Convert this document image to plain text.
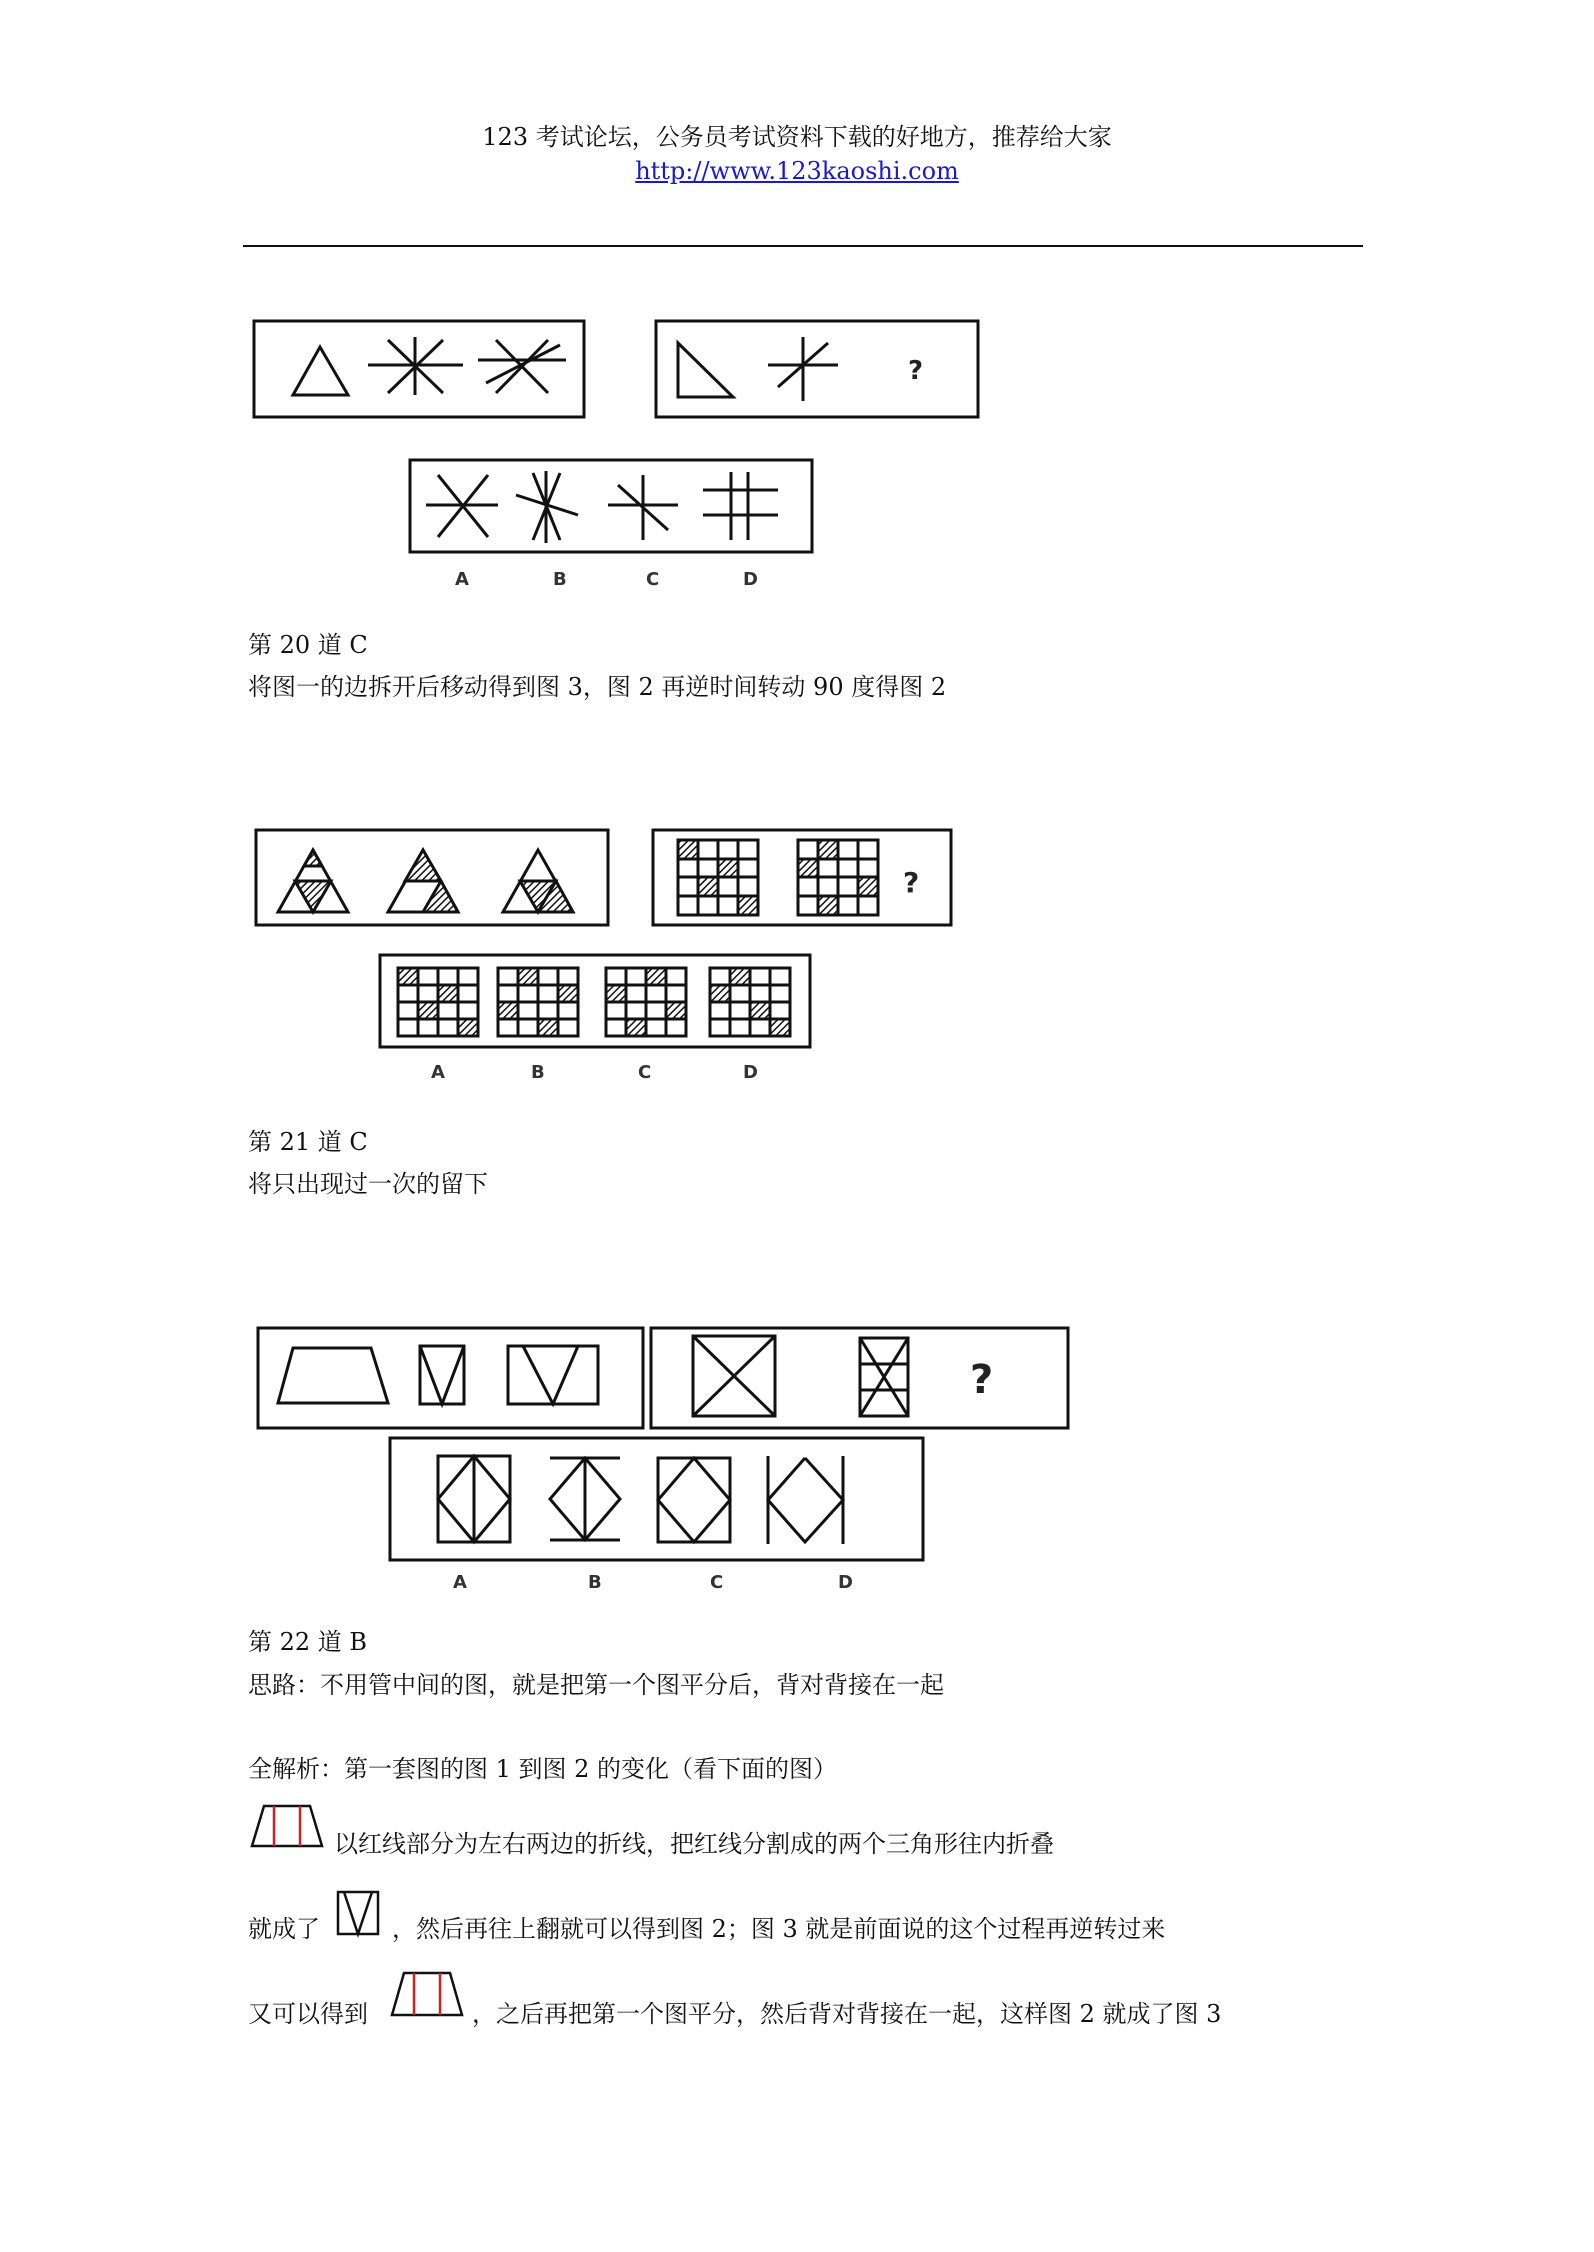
123 考试论坛，公务员考试资料下载的好地方，推荐给大家
http://www.123kaoshi.com
?
A	B	C	D
第 20 道 C
将图一的边拆开后移动得到图 3，图 2 再逆时间转动 90 度得图 2
?
A	B	C	D
第 21 道 C
将只出现过一次的留下
?
A	B	C	D
第 22 道 B
思路：不用管中间的图，就是把第一个图平分后，背对背接在一起
全解析：第一套图的图 1 到图 2 的变化（看下面的图）
以红线部分为左右两边的折线，把红线分割成的两个三角形往内折叠
就成了	，然后再往上翻就可以得到图 2；图 3 就是前面说的这个过程再逆转过来
又可以得到	，之后再把第一个图平分，然后背对背接在一起，这样图 2 就成了图 3
